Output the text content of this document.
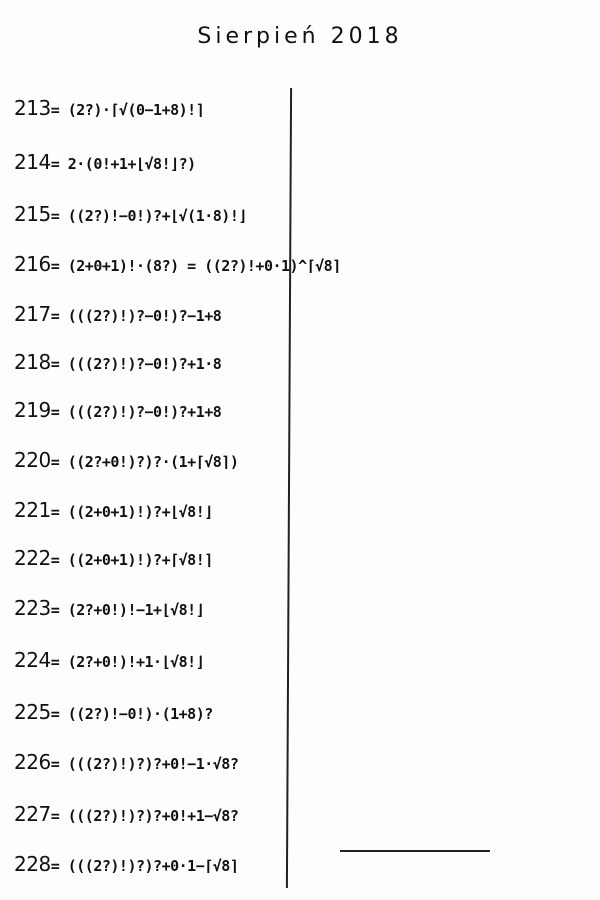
Sierpień 2018
213= (2?)·⌈√(0−1+8)!⌉
214= 2·(0!+1+⌊√8!⌋?)
215= ((2?)!−0!)?+⌊√(1·8)!⌋
216= (2+0+1)!·(8?) = ((2?)!+0·1)^⌈√8⌉
217= (((2?)!)?−0!)?−1+8
218= (((2?)!)?−0!)?+1·8
219= (((2?)!)?−0!)?+1+8
220= ((2?+0!)?)?·(1+⌈√8⌉)
221= ((2+0+1)!)?+⌊√8!⌋
222= ((2+0+1)!)?+⌈√8!⌉
223= (2?+0!)!−1+⌊√8!⌋
224= (2?+0!)!+1·⌊√8!⌋
225= ((2?)!−0!)·(1+8)?
226= (((2?)!)?)?+0!−1·√8?
227= (((2?)!)?)?+0!+1−√8?
228= (((2?)!)?)?+0·1−⌈√8⌉
